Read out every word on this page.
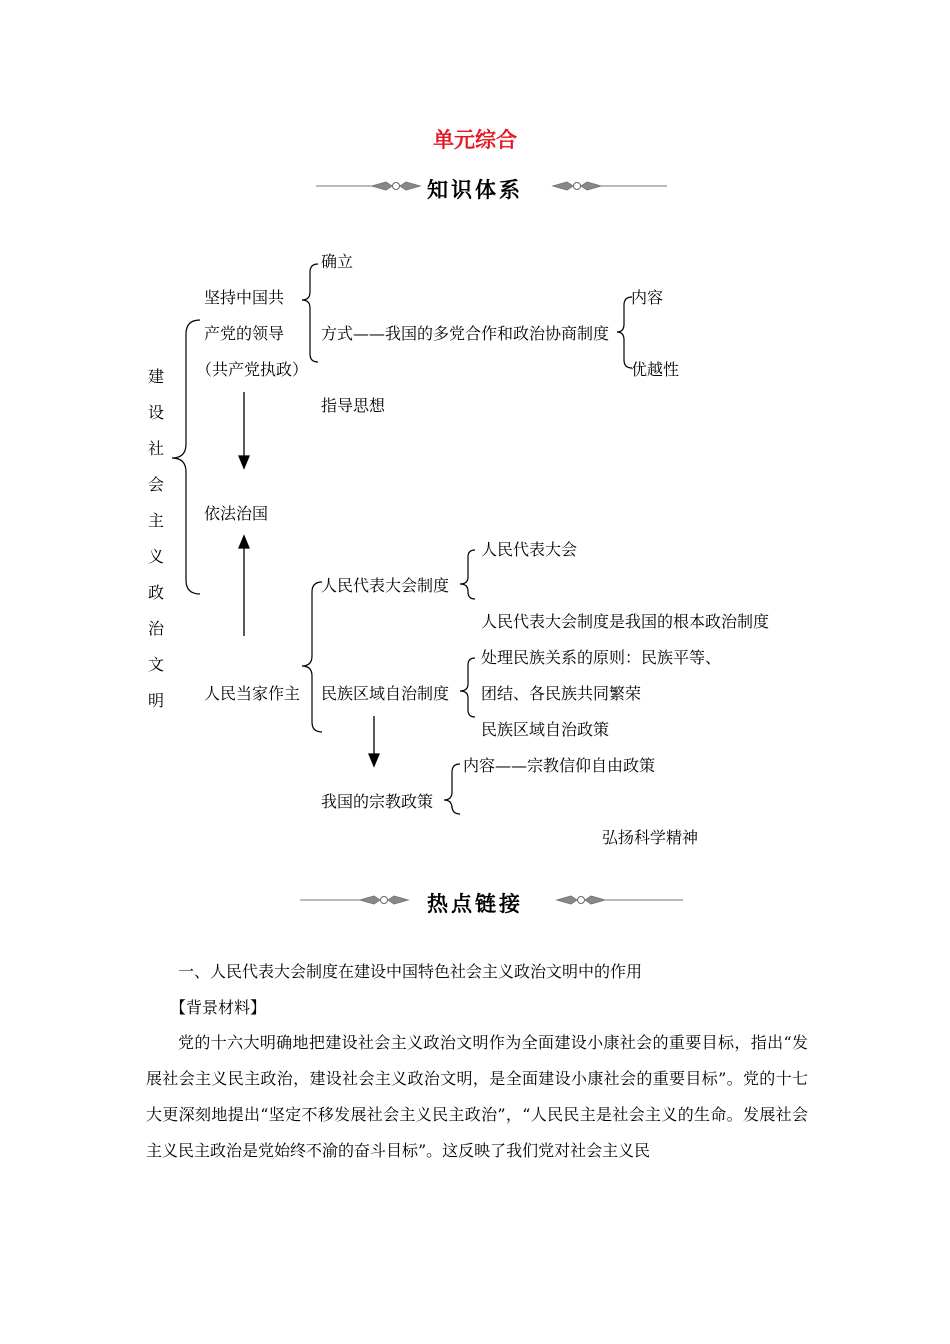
单元综合
知识体系
热点链接
建
设
社
会
主
义
政
治
文
明
坚持中国共
产党的领导
（共产党执政）
确立
方式——我国的多党合作和政治协商制度
内容
优越性
指导思想
依法治国
人民当家作主
人民代表大会制度
人民代表大会
人民代表大会制度是我国的根本政治制度
民族区域自治制度
处理民族关系的原则：民族平等、
团结、各民族共同繁荣
民族区域自治政策
我国的宗教政策
内容——宗教信仰自由政策
弘扬科学精神
一、人民代表大会制度在建设中国特色社会主义政治文明中的作用
【背景材料】
党的十六大明确地把建设社会主义政治文明作为全面建设小康社会的重要目标，指出“发展社会主义民主政治，建设社会主义政治文明，是全面建设小康社会的重要目标”。党的十七大更深刻地提出“坚定不移发展社会主义民主政治”，“人民民主是社会主义的生命。发展社会主义民主政治是党始终不渝的奋斗目标”。这反映了我们党对社会主义民
